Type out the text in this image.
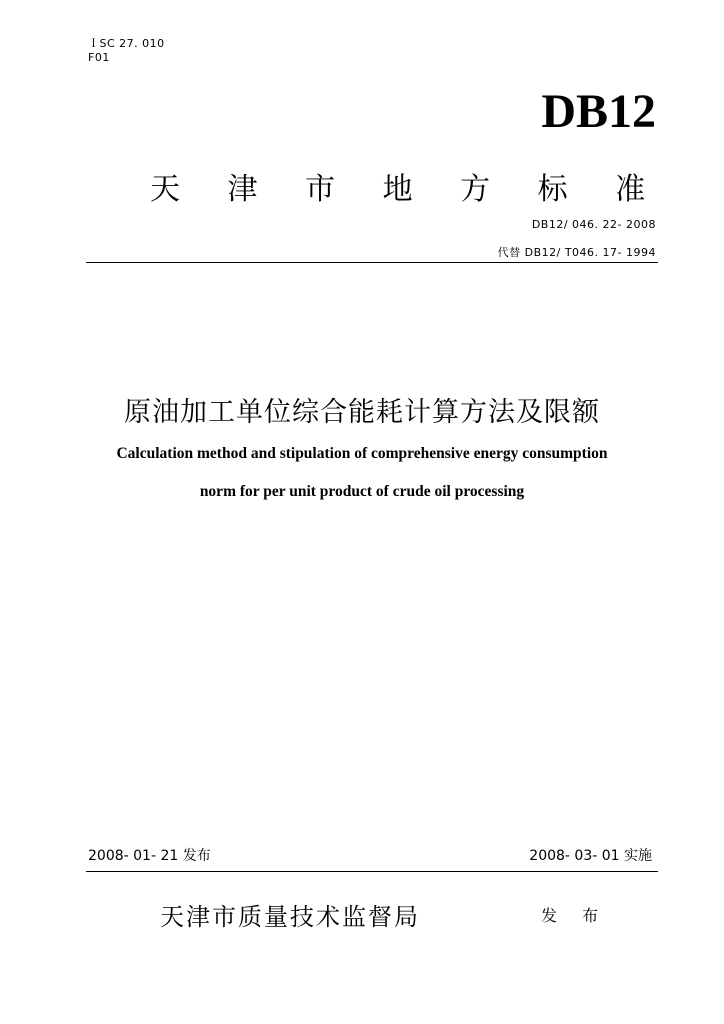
ＩSC 27. 010
F01
DB12
天 津 市 地 方 标 准
DB12/ 046. 22- 2008
代替 DB12/ T046. 17- 1994
原油加工单位综合能耗计算方法及限额
Calculation method and stipulation of comprehensive energy consumption
norm for per unit product of crude oil processing
2008- 01- 21 发布	2008- 03- 01 实施
天津市质量技术监督局	发 布
